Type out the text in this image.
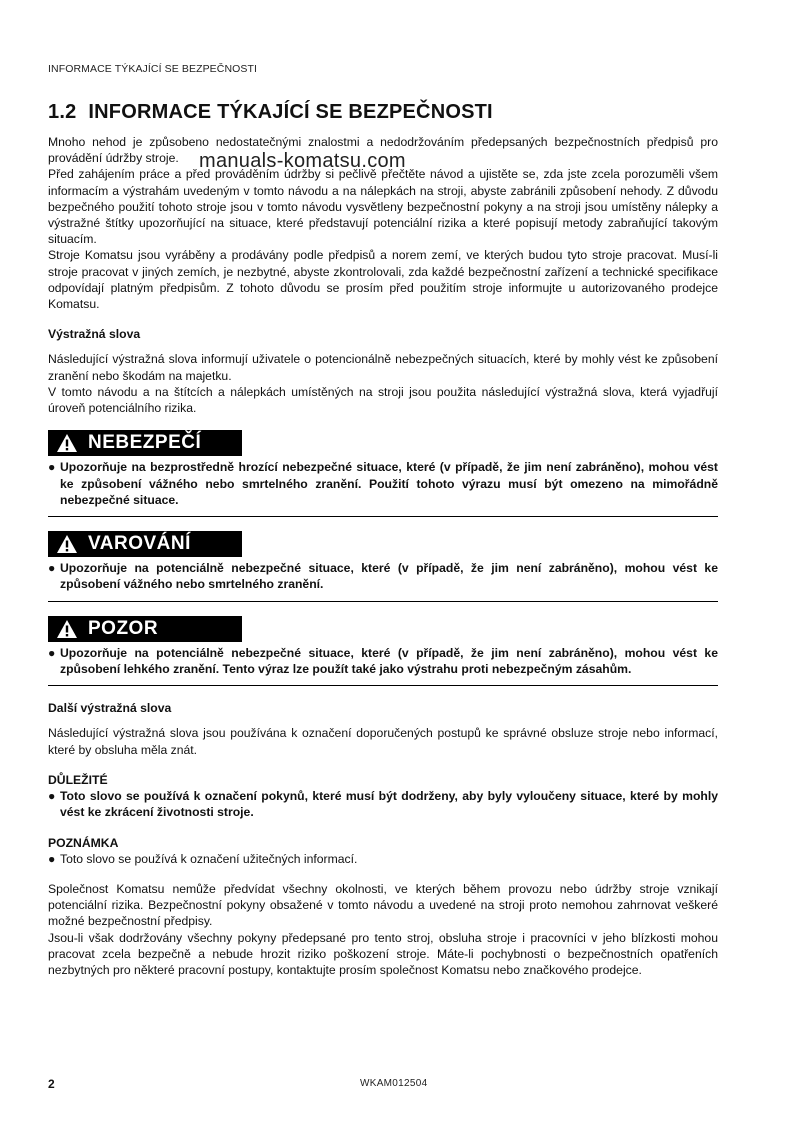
INFORMACE TÝKAJÍCÍ SE BEZPEČNOSTI
1.2 INFORMACE TÝKAJÍCÍ SE BEZPEČNOSTI

Mnoho nehod je způsobeno nedostatečnými znalostmi a nedodržováním předepsaných bezpečnostních předpisů pro provádění údržby stroje.

Před zahájením práce a před prováděním údržby si pečlivě přečtěte návod a ujistěte se, zda jste zcela porozuměli všem informacím a výstrahám uvedeným v tomto návodu a na nálepkách na stroji, abyste zabránili způsobení nehody. Z důvodu bezpečného použití tohoto stroje jsou v tomto návodu vysvětleny bezpečnostní pokyny a na stroji jsou umístěny nálepky a výstražné štítky upozorňující na situace, které představují potenciální rizika a které popisují metody zabraňující takovým situacím.

Stroje Komatsu jsou vyráběny a prodávány podle předpisů a norem zemí, ve kterých budou tyto stroje pracovat. Musí-li stroje pracovat v jiných zemích, je nezbytné, abyste zkontrolovali, zda každé bezpečnostní zařízení a technické specifikace odpovídají platným předpisům. Z tohoto důvodu se prosím před použitím stroje informujte u autorizovaného prodejce Komatsu.

Výstražná slova

Následující výstražná slova informují uživatele o potencionálně nebezpečných situacích, které by mohly vést ke způsobení zranění nebo škodám na majetku.

V tomto návodu a na štítcích a nálepkách umístěných na stroji jsou použita následující výstražná slova, která vyjadřují úroveň potenciálního rizika.

NEBEZPEČÍ
● Upozorňuje na bezprostředně hrozící nebezpečné situace, které (v případě, že jim není zabráněno), mohou vést ke způsobení vážného nebo smrtelného zranění. Použití tohoto výrazu musí být omezeno na mimořádně nebezpečné situace.
VAROVÁNÍ
● Upozorňuje na potenciálně nebezpečné situace, které (v případě, že jim není zabráněno), mohou vést ke způsobení vážného nebo smrtelného zranění.
POZOR
● Upozorňuje na potenciálně nebezpečné situace, které (v případě, že jim není zabráněno), mohou vést ke způsobení lehkého zranění. Tento výraz lze použít také jako výstrahu proti nebezpečným zásahům.

Další výstražná slova

Následující výstražná slova jsou používána k označení doporučených postupů ke správné obsluze stroje nebo informací, které by obsluha měla znát.

DŮLEŽITÉ

● Toto slovo se používá k označení pokynů, které musí být dodrženy, aby byly vyloučeny situace, které by mohly vést ke zkrácení životnosti stroje.

POZNÁMKA

● Toto slovo se používá k označení užitečných informací.

Společnost Komatsu nemůže předvídat všechny okolnosti, ve kterých během provozu nebo údržby stroje vznikají potenciální rizika. Bezpečnostní pokyny obsažené v tomto návodu a uvedené na stroji proto nemohou zahrnovat veškeré možné bezpečnostní předpisy.

Jsou-li však dodržovány všechny pokyny předepsané pro tento stroj, obsluha stroje i pracovníci v jeho blízkosti mohou pracovat zcela bezpečně a nebude hrozit riziko poškození stroje. Máte-li pochybnosti o bezpečnostních opatřeních nezbytných pro některé pracovní postupy, kontaktujte prosím společnost Komatsu nebo značkového prodejce.

manuals-komatsu.com
2	WKAM012504
